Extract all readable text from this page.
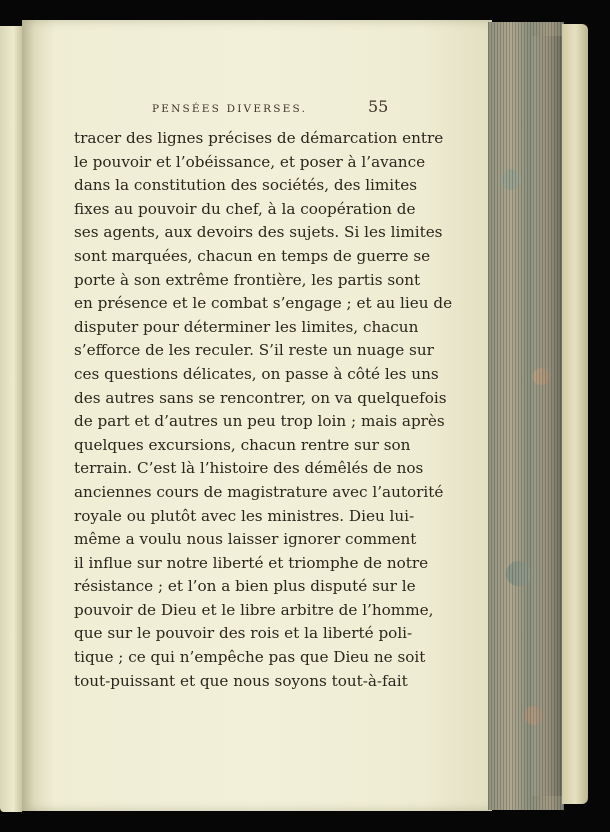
PENSÉES DIVERSES.	55
tracer des lignes précises de démarcation entre
le pouvoir et l’obéissance, et poser à l’avance
dans la constitution des sociétés, des limites
fixes au pouvoir du chef, à la coopération de
ses agents, aux devoirs des sujets. Si les limites
sont marquées, chacun en temps de guerre se
porte à son extrême frontière, les partis sont
en présence et le combat s’engage ; et au lieu de
disputer pour déterminer les limites, chacun
s’efforce de les reculer. S’il reste un nuage sur
ces questions délicates, on passe à côté les uns
des autres sans se rencontrer, on va quelquefois
de part et d’autres un peu trop loin ; mais après
quelques excursions, chacun rentre sur son
terrain. C’est là l’histoire des démêlés de nos
anciennes cours de magistrature avec l’autorité
royale ou plutôt avec les ministres. Dieu lui-
même a voulu nous laisser ignorer comment
il influe sur notre liberté et triomphe de notre
résistance ; et l’on a bien plus disputé sur le
pouvoir de Dieu et le libre arbitre de l’homme,
que sur le pouvoir des rois et la liberté poli-
tique ; ce qui n’empêche pas que Dieu ne soit
tout-puissant et que nous soyons tout-à-fait
